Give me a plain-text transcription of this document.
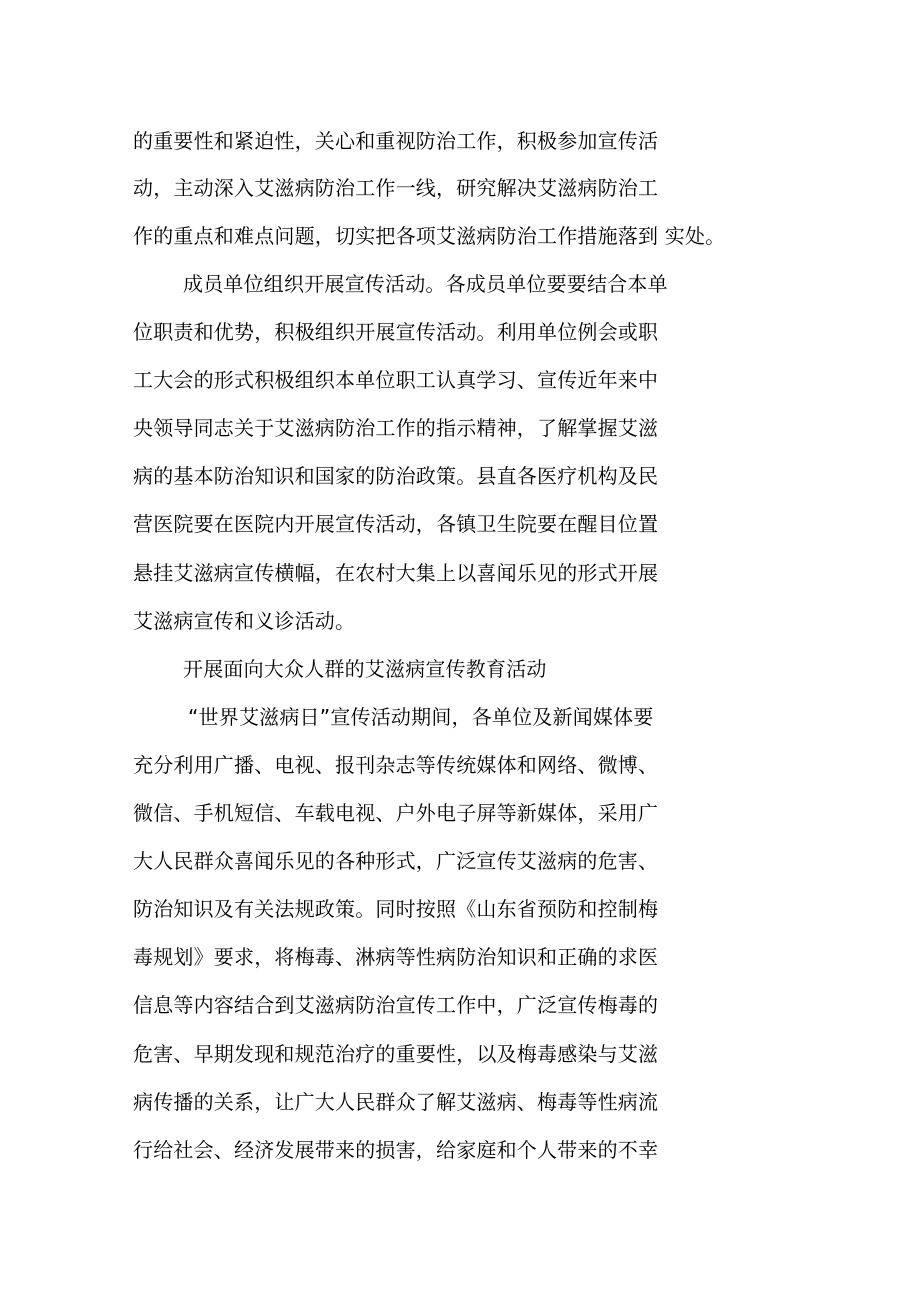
的重要性和紧迫性，关心和重视防治工作，积极参加宣传活
动，主动深入艾滋病防治工作一线，研究解决艾滋病防治工
作的重点和难点问题，切实把各项艾滋病防治工作措施落到 实处。
成员单位组织开展宣传活动。各成员单位要要结合本单
位职责和优势，积极组织开展宣传活动。利用单位例会或职
工大会的形式积极组织本单位职工认真学习、宣传近年来中
央领导同志关于艾滋病防治工作的指示精神，了解掌握艾滋
病的基本防治知识和国家的防治政策。县直各医疗机构及民
营医院要在医院内开展宣传活动，各镇卫生院要在醒目位置
悬挂艾滋病宣传横幅，在农村大集上以喜闻乐见的形式开展
艾滋病宣传和义诊活动。
开展面向大众人群的艾滋病宣传教育活动
“世界艾滋病日”宣传活动期间，各单位及新闻媒体要
充分利用广播、电视、报刊杂志等传统媒体和网络、微博、
微信、手机短信、车载电视、户外电子屏等新媒体，采用广
大人民群众喜闻乐见的各种形式，广泛宣传艾滋病的危害、
防治知识及有关法规政策。同时按照《山东省预防和控制梅
毒规划》要求，将梅毒、淋病等性病防治知识和正确的求医
信息等内容结合到艾滋病防治宣传工作中，广泛宣传梅毒的
危害、早期发现和规范治疗的重要性，以及梅毒感染与艾滋
病传播的关系，让广大人民群众了解艾滋病、梅毒等性病流
行给社会、经济发展带来的损害，给家庭和个人带来的不幸
